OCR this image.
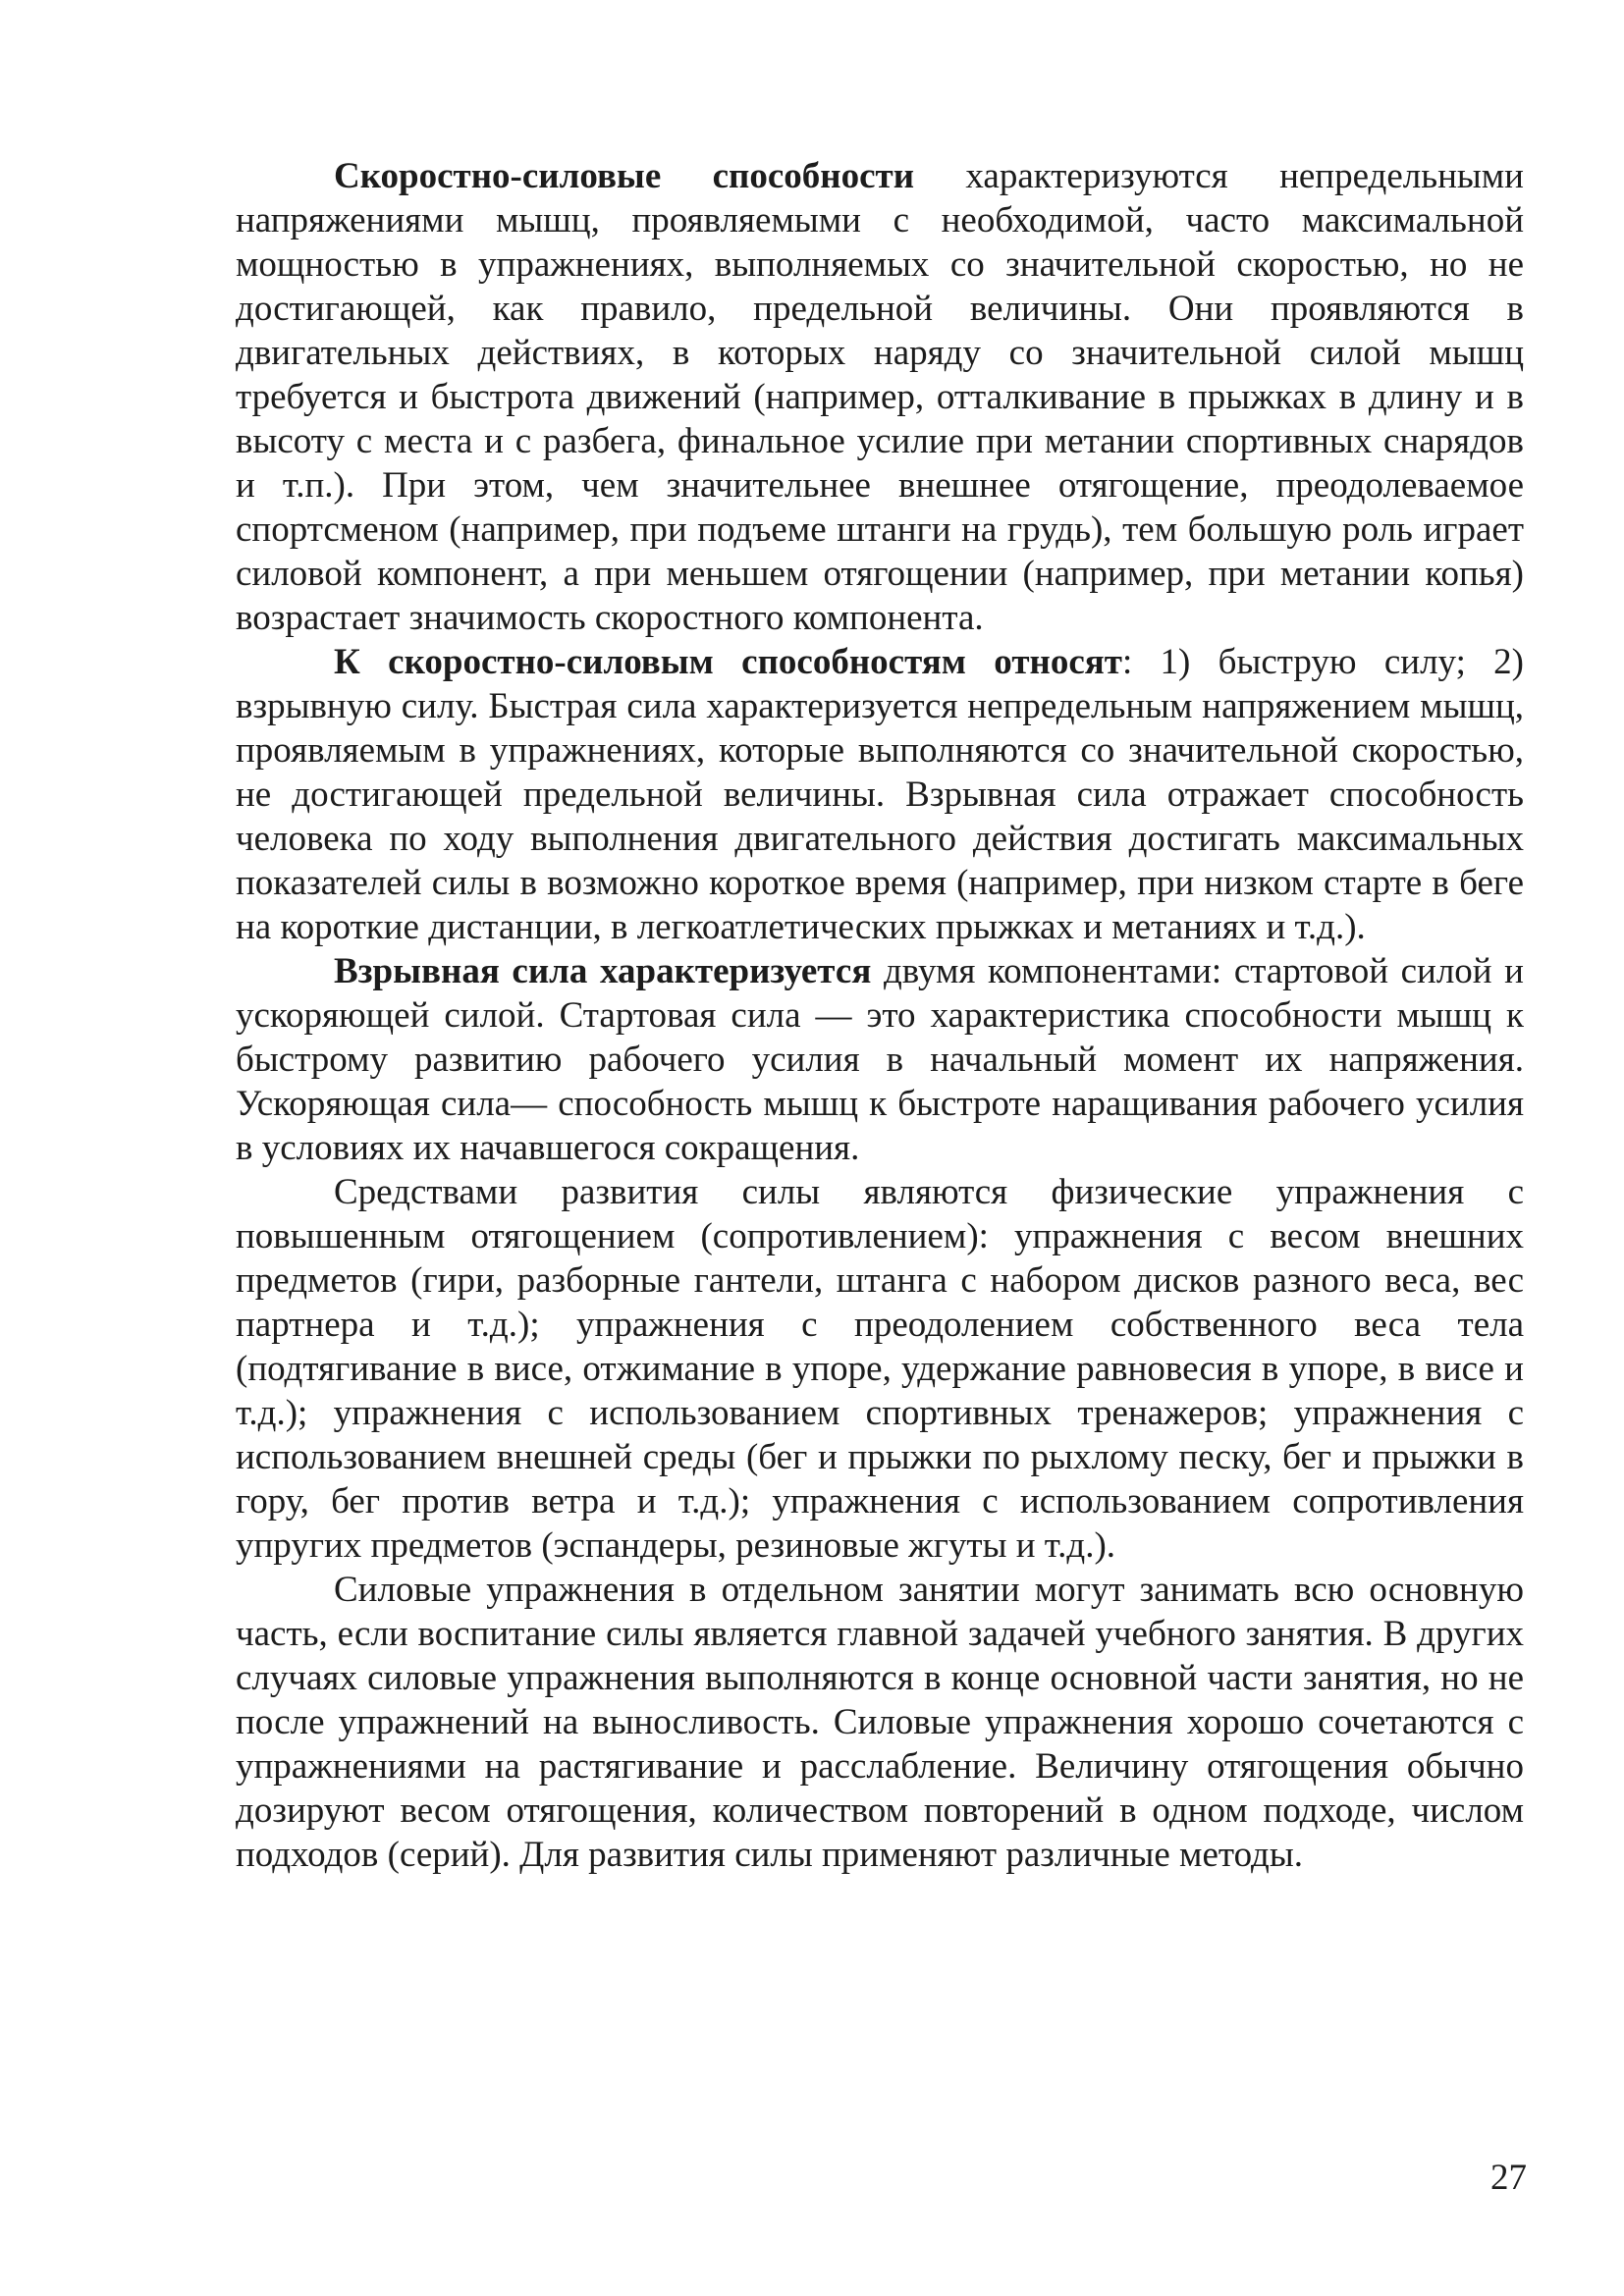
Скоростно-силовые способности характеризуются непредельными напряжениями мышц, проявляемыми с необходимой, часто максимальной мощностью в упражнениях, выполняемых со значительной скоростью, но не достигающей, как правило, предельной величины. Они проявляются в двигательных действиях, в которых наряду со значительной силой мышц требуется и быстрота движений (например, отталкивание в прыжках в длину и в высоту с места и с разбега, финальное усилие при метании спортивных снарядов и т.п.). При этом, чем значительнее внешнее отягощение, преодолеваемое спортсменом (например, при подъеме штанги на грудь), тем большую роль играет силовой компонент, а при меньшем отягощении (например, при метании копья) возрастает значимость скоростного компонента.

К скоростно-силовым способностям относят: 1) быструю силу; 2) взрывную силу. Быстрая сила характеризуется непредельным напряжением мышц, проявляемым в упражнениях, которые выполняются со значительной скоростью, не достигающей предельной величины. Взрывная сила отражает способность человека по ходу выполнения двигательного действия достигать максимальных показателей силы в возможно короткое время (например, при низком старте в беге на короткие дистанции, в легкоатлетических прыжках и метаниях и т.д.).

Взрывная сила характеризуется двумя компонентами: стартовой силой и ускоряющей силой. Стартовая сила — это характеристика способности мышц к быстрому развитию рабочего усилия в начальный момент их напряжения. Ускоряющая сила— способность мышц к быстроте наращивания рабочего усилия в условиях их начавшегося сокращения.

Средствами развития силы являются физические упражнения с повышенным отягощением (сопротивлением): упражнения с весом внешних предметов (гири, разборные гантели, штанга с набором дисков разного веса, вес партнера и т.д.); упражнения с преодолением собственного веса тела (подтягивание в висе, отжимание в упоре, удержание равновесия в упоре, в висе и т.д.); упражнения с использованием спортивных тренажеров; упражнения с использованием внешней среды (бег и прыжки по рыхлому песку, бег и прыжки в гору, бег против ветра и т.д.); упражнения с использованием сопротивления упругих предметов (эспандеры, резиновые жгуты и т.д.).

Силовые упражнения в отдельном занятии могут занимать всю основную часть, если воспитание силы является главной задачей учебного занятия. В других случаях силовые упражнения выполняются в конце основной части занятия, но не после упражнений на выносливость. Силовые упражнения хорошо сочетаются с упражнениями на растягивание и расслабление. Величину отягощения обычно дозируют весом отягощения, количеством повторений в одном подходе, числом подходов (серий). Для развития силы применяют различные методы.

27
